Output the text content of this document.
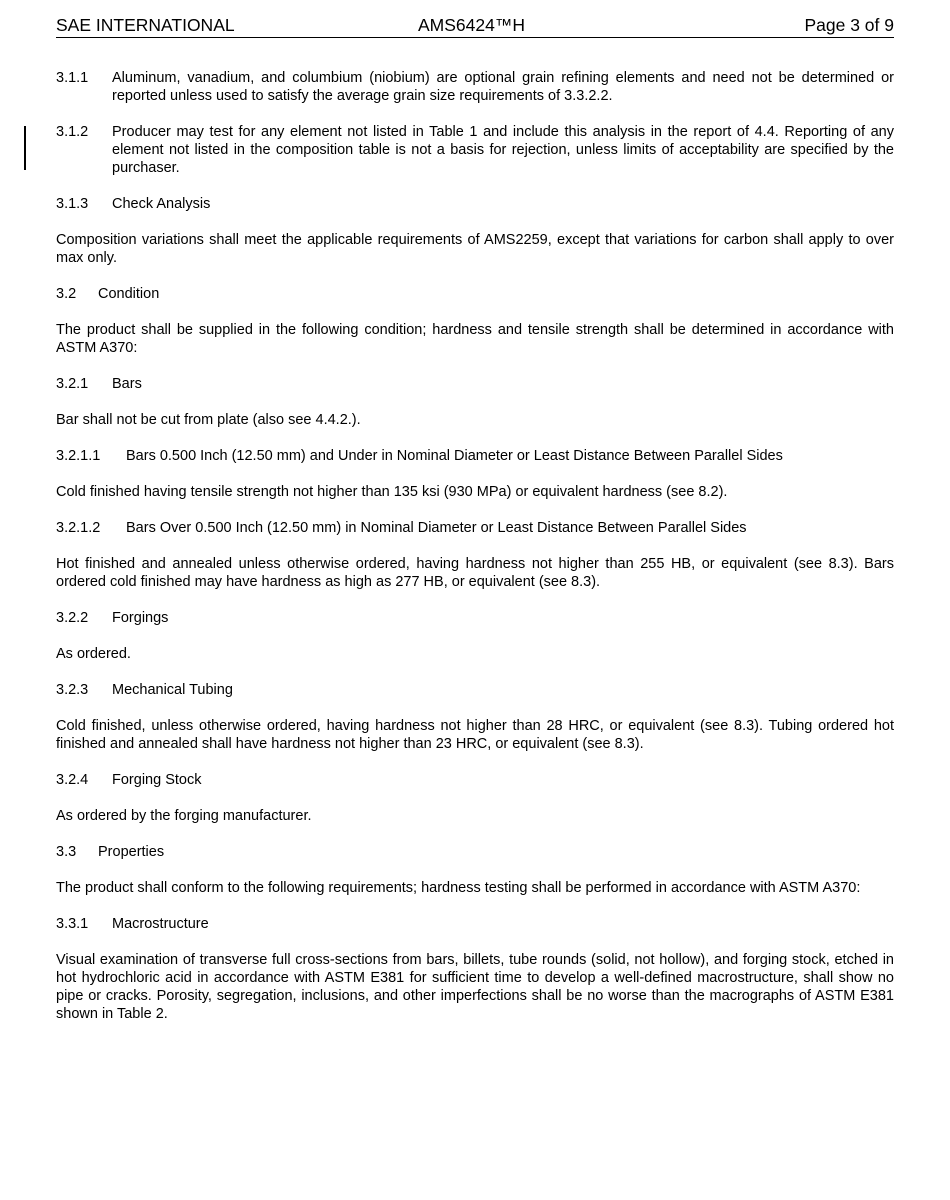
SAE INTERNATIONAL	AMS6424™H	Page 3 of 9
3.1.1	Aluminum, vanadium, and columbium (niobium) are optional grain refining elements and need not be determined or reported unless used to satisfy the average grain size requirements of 3.3.2.2.
3.1.2	Producer may test for any element not listed in Table 1 and include this analysis in the report of 4.4. Reporting of any element not listed in the composition table is not a basis for rejection, unless limits of acceptability are specified by the purchaser.
3.1.3	Check Analysis

Composition variations shall meet the applicable requirements of AMS2259, except that variations for carbon shall apply to over max only.

3.2	Condition

The product shall be supplied in the following condition; hardness and tensile strength shall be determined in accordance with ASTM A370:

3.2.1	Bars

Bar shall not be cut from plate (also see 4.4.2.).

3.2.1.1	Bars 0.500 Inch (12.50 mm) and Under in Nominal Diameter or Least Distance Between Parallel Sides

Cold finished having tensile strength not higher than 135 ksi (930 MPa) or equivalent hardness (see 8.2).

3.2.1.2	Bars Over 0.500 Inch (12.50 mm) in Nominal Diameter or Least Distance Between Parallel Sides

Hot finished and annealed unless otherwise ordered, having hardness not higher than 255 HB, or equivalent (see 8.3). Bars ordered cold finished may have hardness as high as 277 HB, or equivalent (see 8.3).

3.2.2	Forgings

As ordered.

3.2.3	Mechanical Tubing

Cold finished, unless otherwise ordered, having hardness not higher than 28 HRC, or equivalent (see 8.3). Tubing ordered hot finished and annealed shall have hardness not higher than 23 HRC, or equivalent (see 8.3).

3.2.4	Forging Stock

As ordered by the forging manufacturer.

3.3	Properties

The product shall conform to the following requirements; hardness testing shall be performed in accordance with ASTM A370:

3.3.1	Macrostructure

Visual examination of transverse full cross-sections from bars, billets, tube rounds (solid, not hollow), and forging stock, etched in hot hydrochloric acid in accordance with ASTM E381 for sufficient time to develop a well-defined macrostructure, shall show no pipe or cracks. Porosity, segregation, inclusions, and other imperfections shall be no worse than the macrographs of ASTM E381 shown in Table 2.
